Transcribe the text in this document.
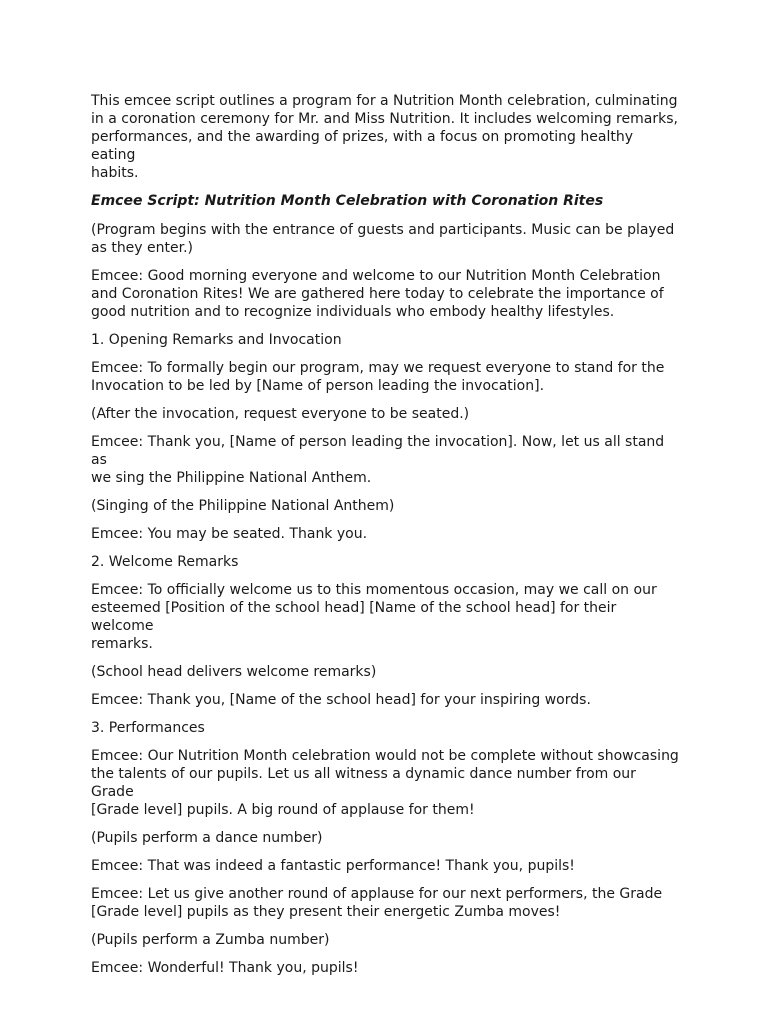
This emcee script outlines a program for a Nutrition Month celebration, culminating
in a coronation ceremony for Mr. and Miss Nutrition. It includes welcoming remarks,
performances, and the awarding of prizes, with a focus on promoting healthy eating
habits.

Emcee Script: Nutrition Month Celebration with Coronation Rites

(Program begins with the entrance of guests and participants. Music can be played
as they enter.)

Emcee: Good morning everyone and welcome to our Nutrition Month Celebration
and Coronation Rites! We are gathered here today to celebrate the importance of
good nutrition and to recognize individuals who embody healthy lifestyles.

1. Opening Remarks and Invocation

Emcee: To formally begin our program, may we request everyone to stand for the
Invocation to be led by [Name of person leading the invocation].

(After the invocation, request everyone to be seated.)

Emcee: Thank you, [Name of person leading the invocation]. Now, let us all stand as
we sing the Philippine National Anthem.

(Singing of the Philippine National Anthem)

Emcee: You may be seated. Thank you.

2. Welcome Remarks

Emcee: To officially welcome us to this momentous occasion, may we call on our
esteemed [Position of the school head] [Name of the school head] for their welcome
remarks.

(School head delivers welcome remarks)

Emcee: Thank you, [Name of the school head] for your inspiring words.

3. Performances

Emcee: Our Nutrition Month celebration would not be complete without showcasing
the talents of our pupils. Let us all witness a dynamic dance number from our Grade
[Grade level] pupils. A big round of applause for them!

(Pupils perform a dance number)

Emcee: That was indeed a fantastic performance! Thank you, pupils!

Emcee: Let us give another round of applause for our next performers, the Grade
[Grade level] pupils as they present their energetic Zumba moves!

(Pupils perform a Zumba number)

Emcee: Wonderful! Thank you, pupils!
